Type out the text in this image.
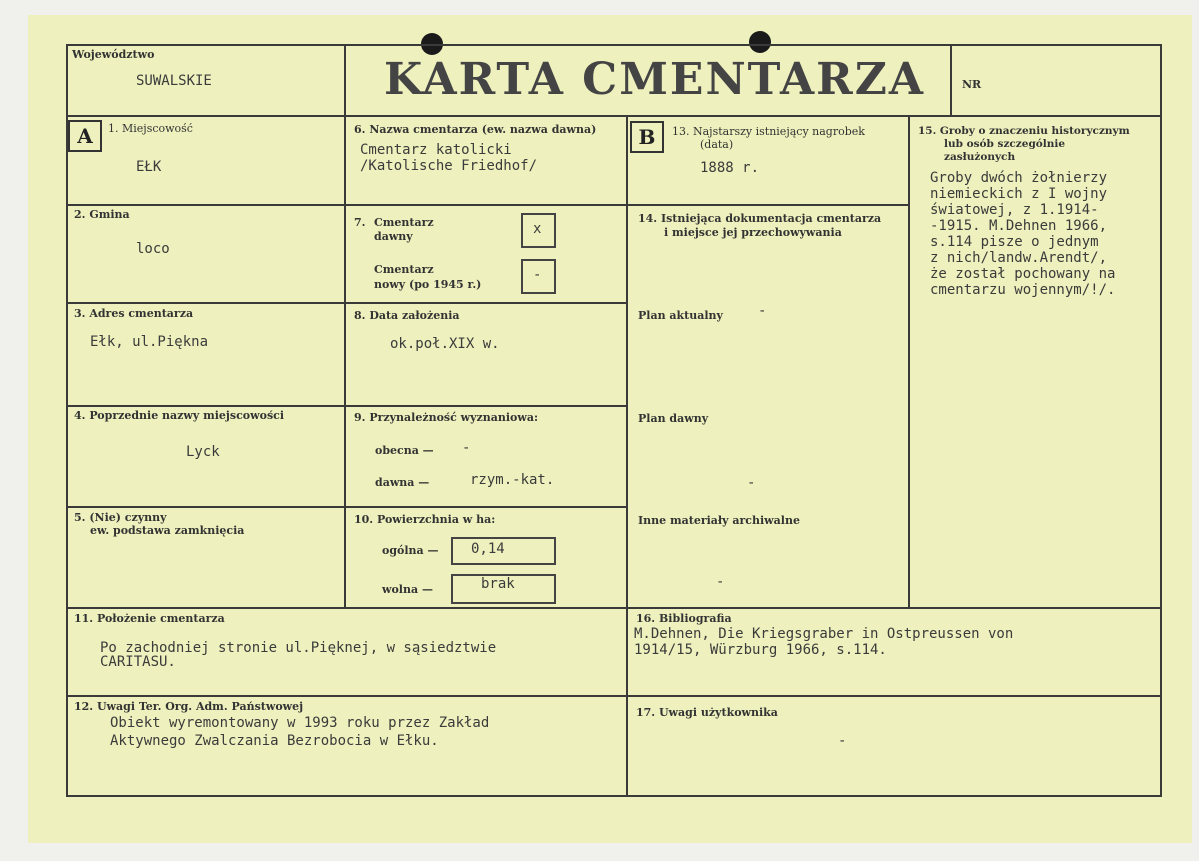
Województwo
SUWALSKIE	KARTA CMENTARZA	NR
A	1. Miejscowość
EŁK
2. Gmina
loco
3. Adres cmentarza
Ełk, ul.Piękna
4. Poprzednie nazwy miejscowości
Lyck
5. (Nie) czynny
ew. podstawa zamknięcia
6. Nazwa cmentarza (ew. nazwa dawna)
Cmentarz katolicki
/Katolische Friedhof/
7. Cmentarz
dawny	x
Cmentarz
nowy (po 1945 r.)
-
8. Data założenia
ok.poł.XIX w.
9. Przynależność wyznaniowa:
obecna — -
dawna —	rzym.-kat.
10. Powierzchnia w ha:
ogólna — 0,14
wolna —	brak
B	13. Najstarszy istniejący nagrobek
(data)
1888 r.
14. Istniejąca dokumentacja cmentarza
i miejsce jej przechowywania
Plan aktualny	-
Plan dawny
-
Inne materiały archiwalne
-
15. Groby o znaczeniu historycznym
lub osób szczególnie
zasłużonych
Groby dwóch żołnierzy
niemieckich z I wojny
światowej, z 1.1914-
-1915. M.Dehnen 1966,
s.114 pisze o jednym
z nich/landw.Arendt/,
że został pochowany na
cmentarzu wojennym/!/.
11. Położenie cmentarza
Po zachodniej stronie ul.Pięknej, w sąsiedztwie
CARITASU.
12. Uwagi Ter. Org. Adm. Państwowej
Obiekt wyremontowany w 1993 roku przez Zakład
Aktywnego Zwalczania Bezrobocia w Ełku.
16. Bibliografia
M.Dehnen, Die Kriegsgraber in Ostpreussen von
1914/15, Würzburg 1966, s.114.
17. Uwagi użytkownika
-
